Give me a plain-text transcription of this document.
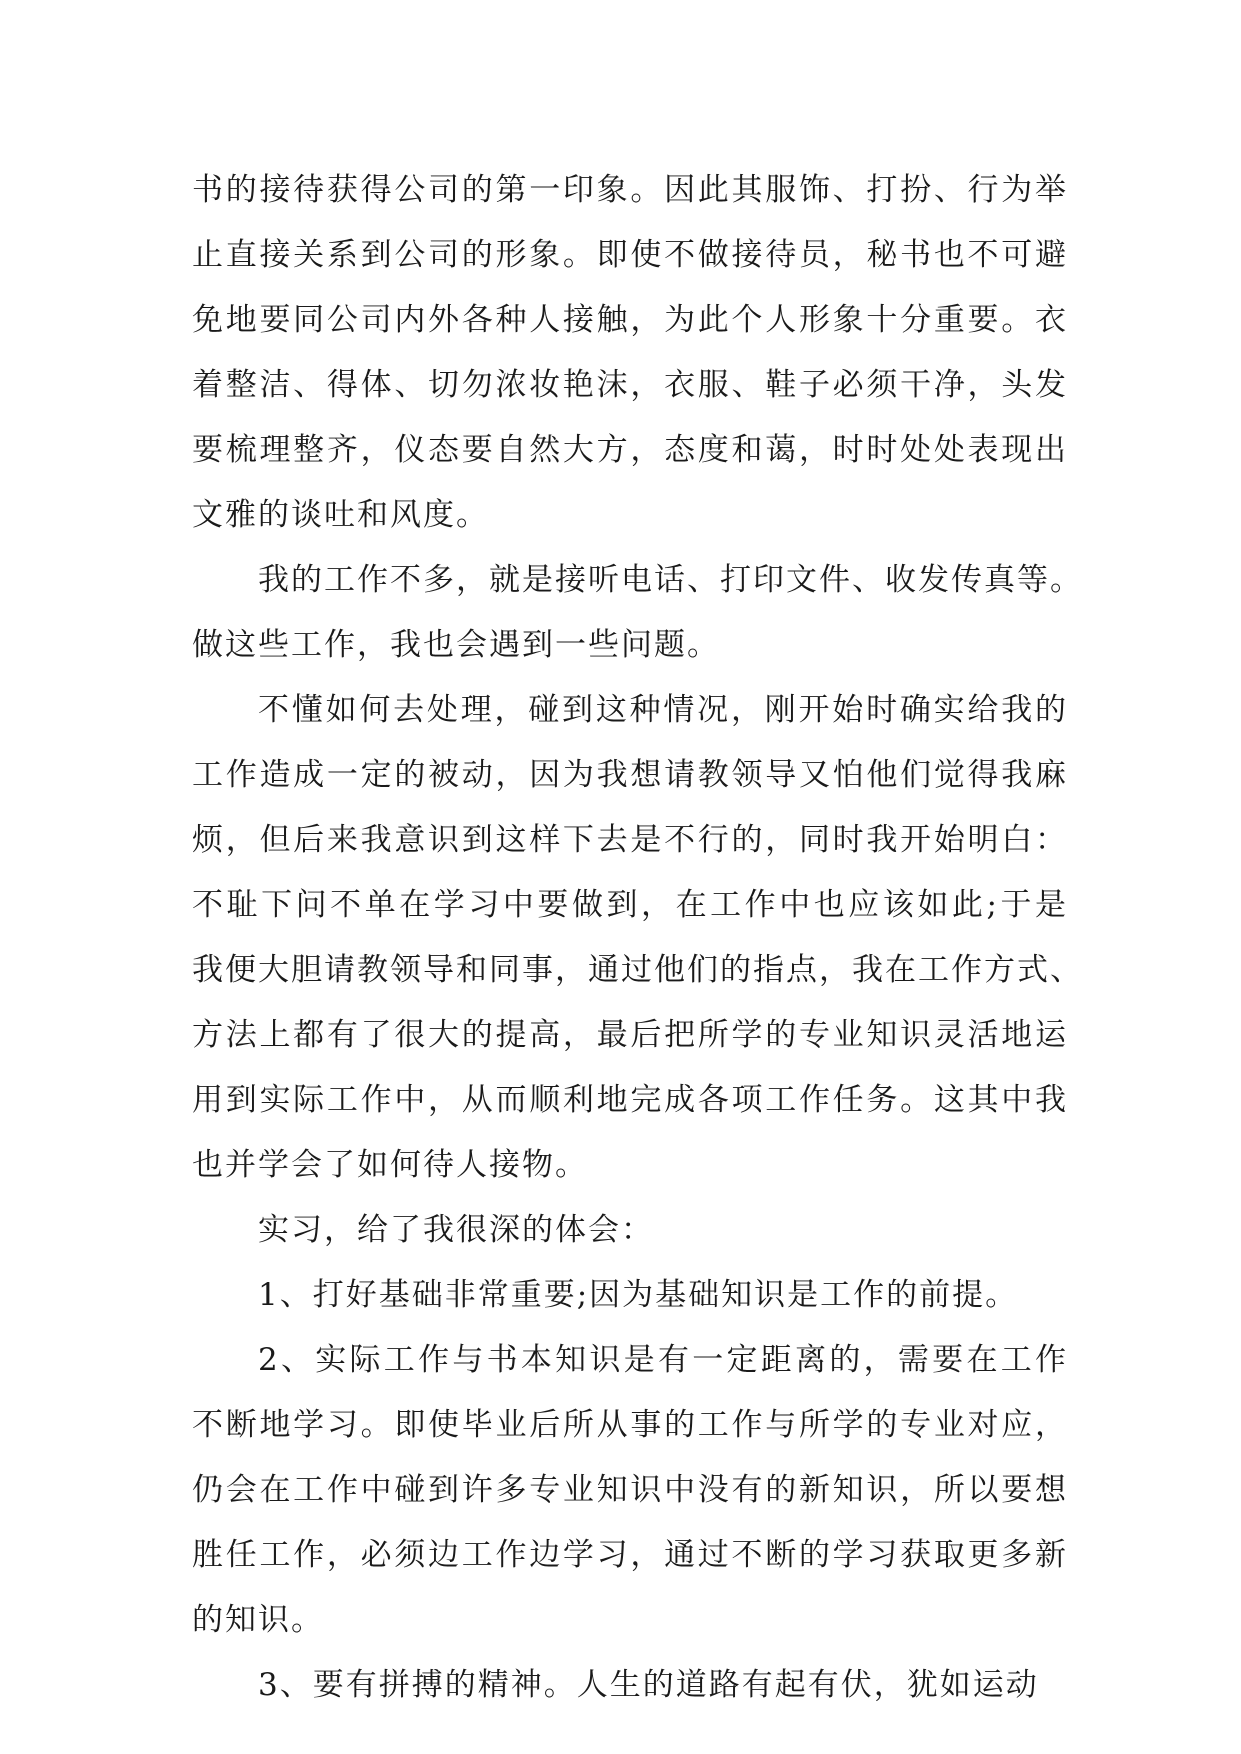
书的接待获得公司的第一印象。因此其服饰、打扮、行为举
止直接关系到公司的形象。即使不做接待员，秘书也不可避
免地要同公司内外各种人接触，为此个人形象十分重要。衣
着整洁、得体、切勿浓妆艳沫，衣服、鞋子必须干净，头发
要梳理整齐，仪态要自然大方，态度和蔼，时时处处表现出
文雅的谈吐和风度。
我的工作不多，就是接听电话、打印文件、收发传真等。
做这些工作，我也会遇到一些问题。
不懂如何去处理，碰到这种情况，刚开始时确实给我的
工作造成一定的被动，因为我想请教领导又怕他们觉得我麻
烦，但后来我意识到这样下去是不行的，同时我开始明白：
不耻下问不单在学习中要做到，在工作中也应该如此;于是
我便大胆请教领导和同事，通过他们的指点，我在工作方式、
方法上都有了很大的提高，最后把所学的专业知识灵活地运
用到实际工作中，从而顺利地完成各项工作任务。这其中我
也并学会了如何待人接物。
实习，给了我很深的体会：
1、打好基础非常重要;因为基础知识是工作的前提。
2、实际工作与书本知识是有一定距离的，需要在工作
不断地学习。即使毕业后所从事的工作与所学的专业对应，
仍会在工作中碰到许多专业知识中没有的新知识，所以要想
胜任工作，必须边工作边学习，通过不断的学习获取更多新
的知识。
3、要有拼搏的精神。人生的道路有起有伏，犹如运动
